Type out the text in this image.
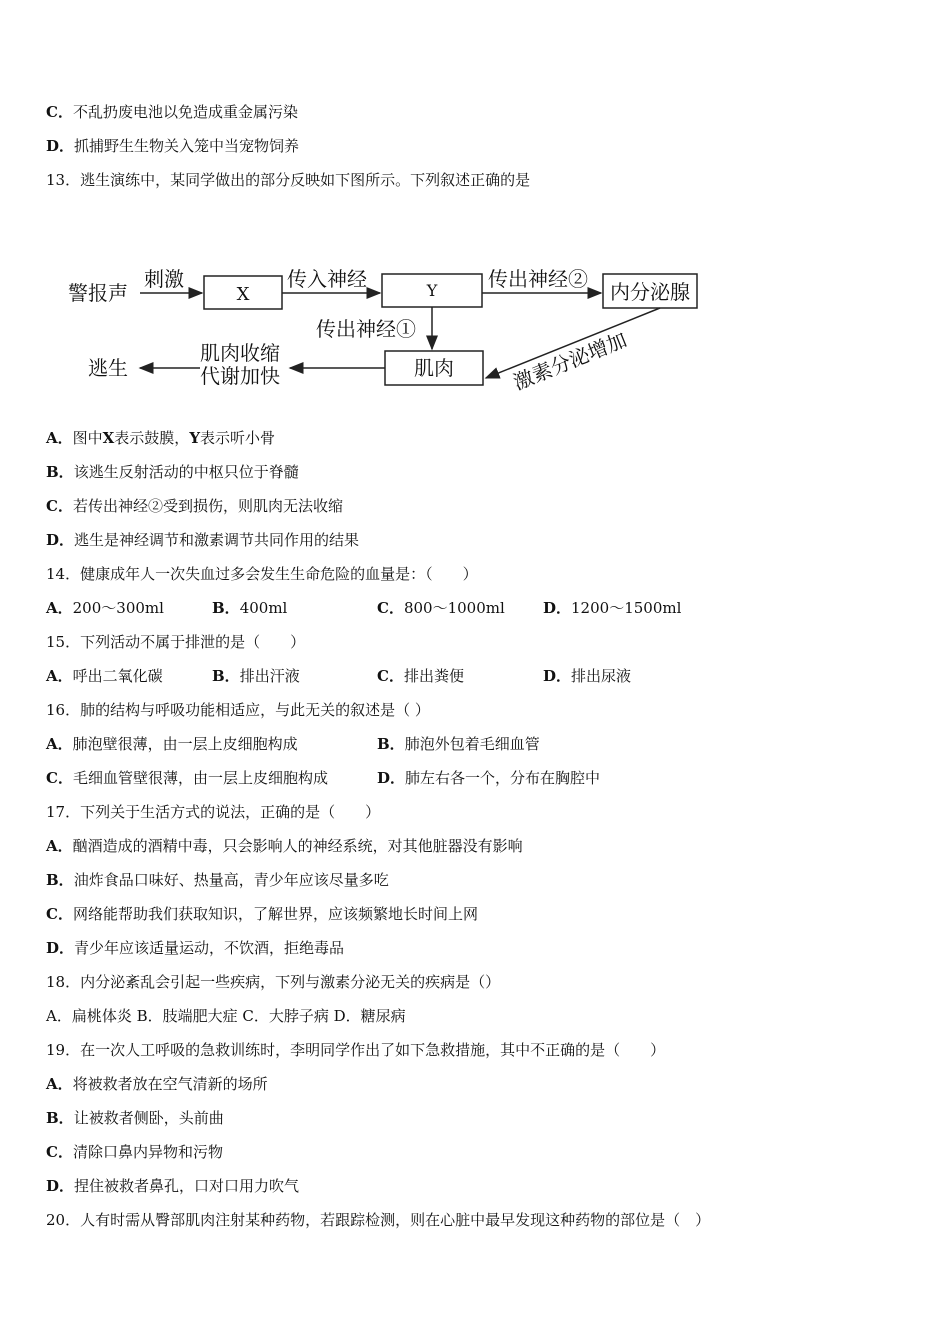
C．不乱扔废电池以免造成重金属污染
D．抓捕野生生物关入笼中当宠物饲养
13．逃生演练中，某同学做出的部分反映如下图所示。下列叙述正确的是
警报声
刺激
X
传入神经	Y	传出神经②
内分泌腺
传出神经①
肌肉	激素分泌增加
肌肉收缩
代谢加快
逃生
A．图中X表示鼓膜，Y表示听小骨
B．该逃生反射活动的中枢只位于脊髓
C．若传出神经②受到损伤，则肌肉无法收缩
D．逃生是神经调节和激素调节共同作用的结果
14．健康成年人一次失血过多会发生生命危险的血量是：（　　）
A．200～300ml	B．400ml	C．800～1000ml	D．1200～1500ml
15．下列活动不属于排泄的是（　　）
A．呼出二氧化碳	B．排出汗液	C．排出粪便	D．排出尿液
16．肺的结构与呼吸功能相适应，与此无关的叙述是（ ）
A．肺泡壁很薄，由一层上皮细胞构成	B．肺泡外包着毛细血管
C．毛细血管壁很薄，由一层上皮细胞构成	D．肺左右各一个，分布在胸腔中
17．下列关于生活方式的说法，正确的是（　　）
A．酗酒造成的酒精中毒，只会影响人的神经系统，对其他脏器没有影响
B．油炸食品口味好、热量高，青少年应该尽量多吃
C．网络能帮助我们获取知识，了解世界，应该频繁地长时间上网
D．青少年应该适量运动，不饮酒，拒绝毒品
18．内分泌紊乱会引起一些疾病，下列与激素分泌无关的疾病是（）
A．扁桃体炎 B．肢端肥大症 C．大脖子病 D．糖尿病
19．在一次人工呼吸的急救训练时，李明同学作出了如下急救措施，其中不正确的是（　　）
A．将被救者放在空气清新的场所
B．让被救者侧卧，头前曲
C．清除口鼻内异物和污物
D．捏住被救者鼻孔，口对口用力吹气
20．人有时需从臀部肌肉注射某种药物，若跟踪检测，则在心脏中最早发现这种药物的部位是（　）
